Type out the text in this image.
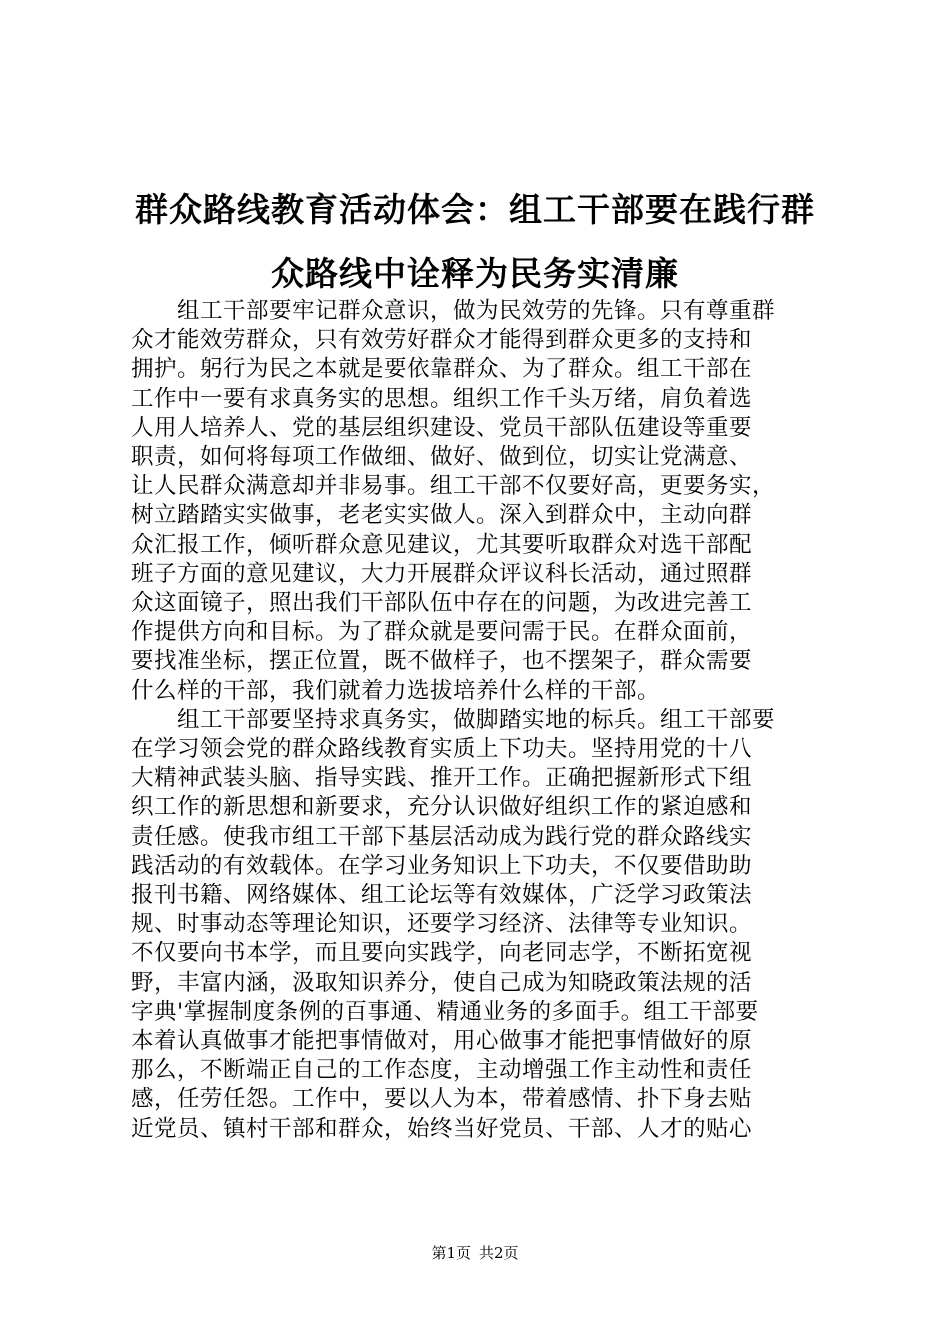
群众路线教育活动体会：组工干部要在践行群
众路线中诠释为民务实清廉

　　组工干部要牢记群众意识，做为民效劳的先锋。只有尊重群
众才能效劳群众，只有效劳好群众才能得到群众更多的支持和
拥护。躬行为民之本就是要依靠群众、为了群众。组工干部在
工作中一要有求真务实的思想。组织工作千头万绪，肩负着选
人用人培养人、党的基层组织建设、党员干部队伍建设等重要
职责，如何将每项工作做细、做好、做到位，切实让党满意、
让人民群众满意却并非易事。组工干部不仅要好高，更要务实，
树立踏踏实实做事，老老实实做人。深入到群众中，主动向群
众汇报工作，倾听群众意见建议，尤其要听取群众对选干部配
班子方面的意见建议，大力开展群众评议科长活动，通过照群
众这面镜子，照出我们干部队伍中存在的问题，为改进完善工
作提供方向和目标。为了群众就是要问需于民。在群众面前，
要找准坐标，摆正位置，既不做样子，也不摆架子，群众需要
什么样的干部，我们就着力选拔培养什么样的干部。

　　组工干部要坚持求真务实，做脚踏实地的标兵。组工干部要
在学习领会党的群众路线教育实质上下功夫。坚持用党的十八
大精神武装头脑、指导实践、推开工作。正确把握新形式下组
织工作的新思想和新要求，充分认识做好组织工作的紧迫感和
责任感。使我市组工干部下基层活动成为践行党的群众路线实
践活动的有效载体。在学习业务知识上下功夫，不仅要借助助
报刊书籍、网络媒体、组工论坛等有效媒体，广泛学习政策法
规、时事动态等理论知识，还要学习经济、法律等专业知识。
不仅要向书本学，而且要向实践学，向老同志学，不断拓宽视
野，丰富内涵，汲取知识养分，使自己成为知晓政策法规的活
字典'掌握制度条例的百事通、精通业务的多面手。组工干部要
本着认真做事才能把事情做对，用心做事才能把事情做好的原
那么，不断端正自己的工作态度，主动增强工作主动性和责任
感，任劳任怨。工作中，要以人为本，带着感情、扑下身去贴
近党员、镇村干部和群众，始终当好党员、干部、人才的贴心

第1页 共2页
